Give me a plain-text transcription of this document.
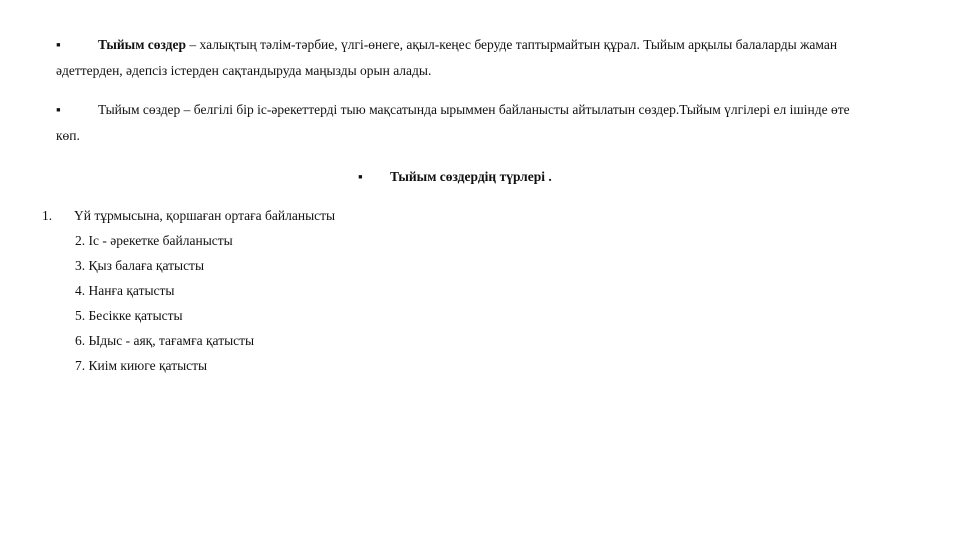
▪	Тыйым сөздер – халықтың тәлім-тәрбие, үлгі-өнеге, ақыл-кеңес беруде таптырмайтын құрал. Тыйым арқылы балаларды жаман әдеттерден, әдепсіз істерден сақтандыруда маңызды орын алады.
▪	Тыйым сөздер – белгілі бір іс-әрекеттерді тыю мақсатында ырыммен байланысты айтылатын сөздер.Тыйым үлгілері ел ішінде өте көп.
▪ Тыйым сөздердің түрлері .
1. Үй тұрмысына, қоршаған ортаға байланысты
2. Іс - әрекетке байланысты
3. Қыз балаға қатысты
4. Нанға қатысты
5. Бесікке қатысты
6. Ыдыс - аяқ, тағамға қатысты
7. Киім киюге қатысты
